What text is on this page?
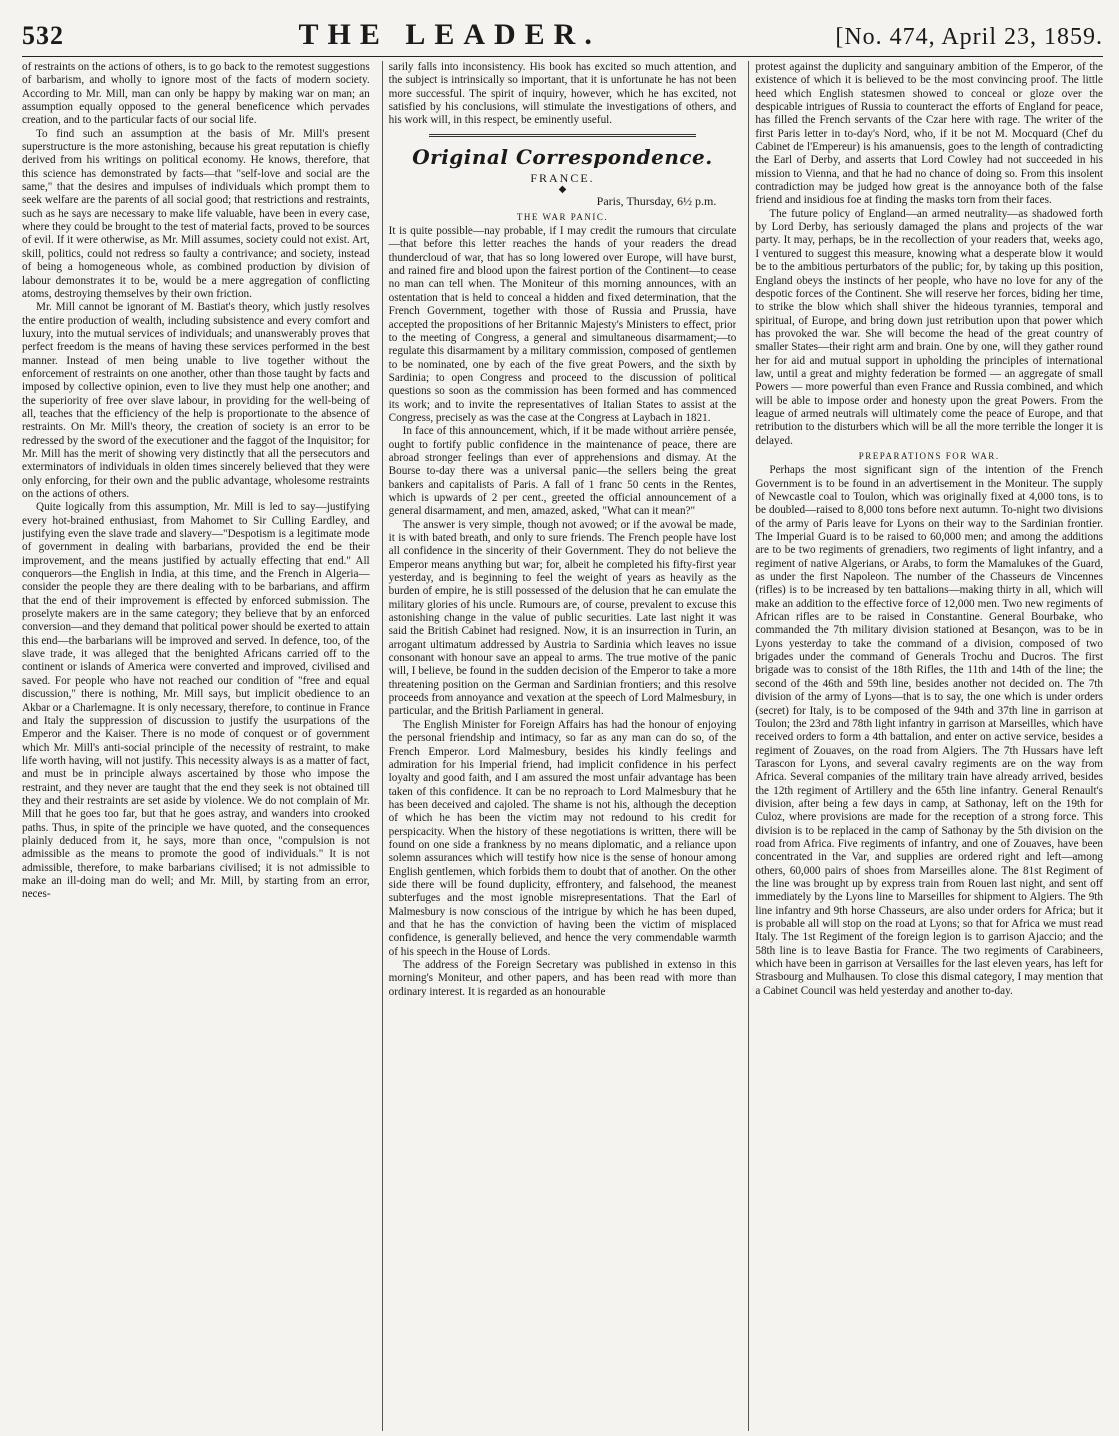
532	THE LEADER.	[No. 474, April 23, 1859.

of restraints on the actions of others, is to go back to the remotest suggestions of barbarism, and wholly to ignore most of the facts of modern society. According to Mr. Mill, man can only be happy by making war on man; an assumption equally opposed to the general beneficence which pervades creation, and to the particular facts of our social life.

To find such an assumption at the basis of Mr. Mill's present superstructure is the more astonishing, because his great reputation is chiefly derived from his writings on political economy. He knows, therefore, that this science has demonstrated by facts—that "self-love and social are the same," that the desires and impulses of individuals which prompt them to seek welfare are the parents of all social good; that restrictions and restraints, such as he says are necessary to make life valuable, have been in every case, where they could be brought to the test of material facts, proved to be sources of evil. If it were otherwise, as Mr. Mill assumes, society could not exist. Art, skill, politics, could not redress so faulty a contrivance; and society, instead of being a homogeneous whole, as combined production by division of labour demonstrates it to be, would be a mere aggregation of conflicting atoms, destroying themselves by their own friction.

Mr. Mill cannot be ignorant of M. Bastiat's theory, which justly resolves the entire production of wealth, including subsistence and every comfort and luxury, into the mutual services of individuals; and unanswerably proves that perfect freedom is the means of having these services performed in the best manner. Instead of men being unable to live together without the enforcement of restraints on one another, other than those taught by facts and imposed by collective opinion, even to live they must help one another; and the superiority of free over slave labour, in providing for the well-being of all, teaches that the efficiency of the help is proportionate to the absence of restraints. On Mr. Mill's theory, the creation of society is an error to be redressed by the sword of the executioner and the faggot of the Inquisitor; for Mr. Mill has the merit of showing very distinctly that all the persecutors and exterminators of individuals in olden times sincerely believed that they were only enforcing, for their own and the public advantage, wholesome restraints on the actions of others.

Quite logically from this assumption, Mr. Mill is led to say—justifying every hot-brained enthusiast, from Mahomet to Sir Culling Eardley, and justifying even the slave trade and slavery—"Despotism is a legitimate mode of government in dealing with barbarians, provided the end be their improvement, and the means justified by actually effecting that end." All conquerors—the English in India, at this time, and the French in Algeria—consider the people they are there dealing with to be barbarians, and affirm that the end of their improvement is effected by enforced submission. The proselyte makers are in the same category; they believe that by an enforced conversion—and they demand that political power should be exerted to attain this end—the barbarians will be improved and served. In defence, too, of the slave trade, it was alleged that the benighted Africans carried off to the continent or islands of America were converted and improved, civilised and saved. For people who have not reached our condition of "free and equal discussion," there is nothing, Mr. Mill says, but implicit obedience to an Akbar or a Charlemagne. It is only necessary, therefore, to continue in France and Italy the suppression of discussion to justify the usurpations of the Emperor and the Kaiser. There is no mode of conquest or of government which Mr. Mill's anti-social principle of the necessity of restraint, to make life worth having, will not justify. This necessity always is as a matter of fact, and must be in principle always ascertained by those who impose the restraint, and they never are taught that the end they seek is not obtained till they and their restraints are set aside by violence. We do not complain of Mr. Mill that he goes too far, but that he goes astray, and wanders into crooked paths. Thus, in spite of the principle we have quoted, and the consequences plainly deduced from it, he says, more than once, "compulsion is not admissible as the means to promote the good of individuals." It is not admissible, therefore, to make barbarians civilised; it is not admissible to make an ill-doing man do well; and Mr. Mill, by starting from an error, neces-

sarily falls into inconsistency. His book has excited so much attention, and the subject is intrinsically so important, that it is unfortunate he has not been more successful. The spirit of inquiry, however, which he has excited, not satisfied by his conclusions, will stimulate the investigations of others, and his work will, in this respect, be eminently useful.

Original Correspondence.
FRANCE.
◆
Paris, Thursday, 6½ p.m.
THE WAR PANIC.

It is quite possible—nay probable, if I may credit the rumours that circulate—that before this letter reaches the hands of your readers the dread thundercloud of war, that has so long lowered over Europe, will have burst, and rained fire and blood upon the fairest portion of the Continent—to cease no man can tell when. The Moniteur of this morning announces, with an ostentation that is held to conceal a hidden and fixed determination, that the French Government, together with those of Russia and Prussia, have accepted the propositions of her Britannic Majesty's Ministers to effect, prior to the meeting of Congress, a general and simultaneous disarmament;—to regulate this disarmament by a military commission, composed of gentlemen to be nominated, one by each of the five great Powers, and the sixth by Sardinia; to open Congress and proceed to the discussion of political questions so soon as the commission has been formed and has commenced its work; and to invite the representatives of Italian States to assist at the Congress, precisely as was the case at the Congress at Laybach in 1821.

In face of this announcement, which, if it be made without arrière pensée, ought to fortify public confidence in the maintenance of peace, there are abroad stronger feelings than ever of apprehensions and dismay. At the Bourse to-day there was a universal panic—the sellers being the great bankers and capitalists of Paris. A fall of 1 franc 50 cents in the Rentes, which is upwards of 2 per cent., greeted the official announcement of a general disarmament, and men, amazed, asked, "What can it mean?"

The answer is very simple, though not avowed; or if the avowal be made, it is with bated breath, and only to sure friends. The French people have lost all confidence in the sincerity of their Government. They do not believe the Emperor means anything but war; for, albeit he completed his fifty-first year yesterday, and is beginning to feel the weight of years as heavily as the burden of empire, he is still possessed of the delusion that he can emulate the military glories of his uncle. Rumours are, of course, prevalent to excuse this astonishing change in the value of public securities. Late last night it was said the British Cabinet had resigned. Now, it is an insurrection in Turin, an arrogant ultimatum addressed by Austria to Sardinia which leaves no issue consonant with honour save an appeal to arms. The true motive of the panic will, I believe, be found in the sudden decision of the Emperor to take a more threatening position on the German and Sardinian frontiers; and this resolve proceeds from annoyance and vexation at the speech of Lord Malmesbury, in particular, and the British Parliament in general.

The English Minister for Foreign Affairs has had the honour of enjoying the personal friendship and intimacy, so far as any man can do so, of the French Emperor. Lord Malmesbury, besides his kindly feelings and admiration for his Imperial friend, had implicit confidence in his perfect loyalty and good faith, and I am assured the most unfair advantage has been taken of this confidence. It can be no reproach to Lord Malmesbury that he has been deceived and cajoled. The shame is not his, although the deception of which he has been the victim may not redound to his credit for perspicacity. When the history of these negotiations is written, there will be found on one side a frankness by no means diplomatic, and a reliance upon solemn assurances which will testify how nice is the sense of honour among English gentlemen, which forbids them to doubt that of another. On the other side there will be found duplicity, effrontery, and falsehood, the meanest subterfuges and the most ignoble misrepresentations. That the Earl of Malmesbury is now conscious of the intrigue by which he has been duped, and that he has the conviction of having been the victim of misplaced confidence, is generally believed, and hence the very commendable warmth of his speech in the House of Lords.

The address of the Foreign Secretary was published in extenso in this morning's Moniteur, and other papers, and has been read with more than ordinary interest. It is regarded as an honourable

protest against the duplicity and sanguinary ambition of the Emperor, of the existence of which it is believed to be the most convincing proof. The little heed which English statesmen showed to conceal or gloze over the despicable intrigues of Russia to counteract the efforts of England for peace, has filled the French servants of the Czar here with rage. The writer of the first Paris letter in to-day's Nord, who, if it be not M. Mocquard (Chef du Cabinet de l'Empereur) is his amanuensis, goes to the length of contradicting the Earl of Derby, and asserts that Lord Cowley had not succeeded in his mission to Vienna, and that he had no chance of doing so. From this insolent contradiction may be judged how great is the annoyance both of the false friend and insidious foe at finding the masks torn from their faces.

The future policy of England—an armed neutrality—as shadowed forth by Lord Derby, has seriously damaged the plans and projects of the war party. It may, perhaps, be in the recollection of your readers that, weeks ago, I ventured to suggest this measure, knowing what a desperate blow it would be to the ambitious perturbators of the public; for, by taking up this position, England obeys the instincts of her people, who have no love for any of the despotic forces of the Continent. She will reserve her forces, biding her time, to strike the blow which shall shiver the hideous tyrannies, temporal and spiritual, of Europe, and bring down just retribution upon that power which has provoked the war. She will become the head of the great country of smaller States—their right arm and brain. One by one, will they gather round her for aid and mutual support in upholding the principles of international law, until a great and mighty federation be formed — an aggregate of small Powers — more powerful than even France and Russia combined, and which will be able to impose order and honesty upon the great Powers. From the league of armed neutrals will ultimately come the peace of Europe, and that retribution to the disturbers which will be all the more terrible the longer it is delayed.

PREPARATIONS FOR WAR.

Perhaps the most significant sign of the intention of the French Government is to be found in an advertisement in the Moniteur. The supply of Newcastle coal to Toulon, which was originally fixed at 4,000 tons, is to be doubled—raised to 8,000 tons before next autumn. To-night two divisions of the army of Paris leave for Lyons on their way to the Sardinian frontier. The Imperial Guard is to be raised to 60,000 men; and among the additions are to be two regiments of grenadiers, two regiments of light infantry, and a regiment of native Algerians, or Arabs, to form the Mamalukes of the Guard, as under the first Napoleon. The number of the Chasseurs de Vincennes (rifles) is to be increased by ten battalions—making thirty in all, which will make an addition to the effective force of 12,000 men. Two new regiments of African rifles are to be raised in Constantine. General Bourbake, who commanded the 7th military division stationed at Besançon, was to be in Lyons yesterday to take the command of a division, composed of two brigades under the command of Generals Trochu and Ducros. The first brigade was to consist of the 18th Rifles, the 11th and 14th of the line; the second of the 46th and 59th line, besides another not decided on. The 7th division of the army of Lyons—that is to say, the one which is under orders (secret) for Italy, is to be composed of the 94th and 37th line in garrison at Toulon; the 23rd and 78th light infantry in garrison at Marseilles, which have received orders to form a 4th battalion, and enter on active service, besides a regiment of Zouaves, on the road from Algiers. The 7th Hussars have left Tarascon for Lyons, and several cavalry regiments are on the way from Africa. Several companies of the military train have already arrived, besides the 12th regiment of Artillery and the 65th line infantry. General Renault's division, after being a few days in camp, at Sathonay, left on the 19th for Culoz, where provisions are made for the reception of a strong force. This division is to be replaced in the camp of Sathonay by the 5th division on the road from Africa. Five regiments of infantry, and one of Zouaves, have been concentrated in the Var, and supplies are ordered right and left—among others, 60,000 pairs of shoes from Marseilles alone. The 81st Regiment of the line was brought up by express train from Rouen last night, and sent off immediately by the Lyons line to Marseilles for shipment to Algiers. The 9th line infantry and 9th horse Chasseurs, are also under orders for Africa; but it is probable all will stop on the road at Lyons; so that for Africa we must read Italy. The 1st Regiment of the foreign legion is to garrison Ajaccio; and the 58th line is to leave Bastia for France. The two regiments of Carabineers, which have been in garrison at Versailles for the last eleven years, has left for Strasbourg and Mulhausen. To close this dismal category, I may mention that a Cabinet Council was held yesterday and another to-day.
